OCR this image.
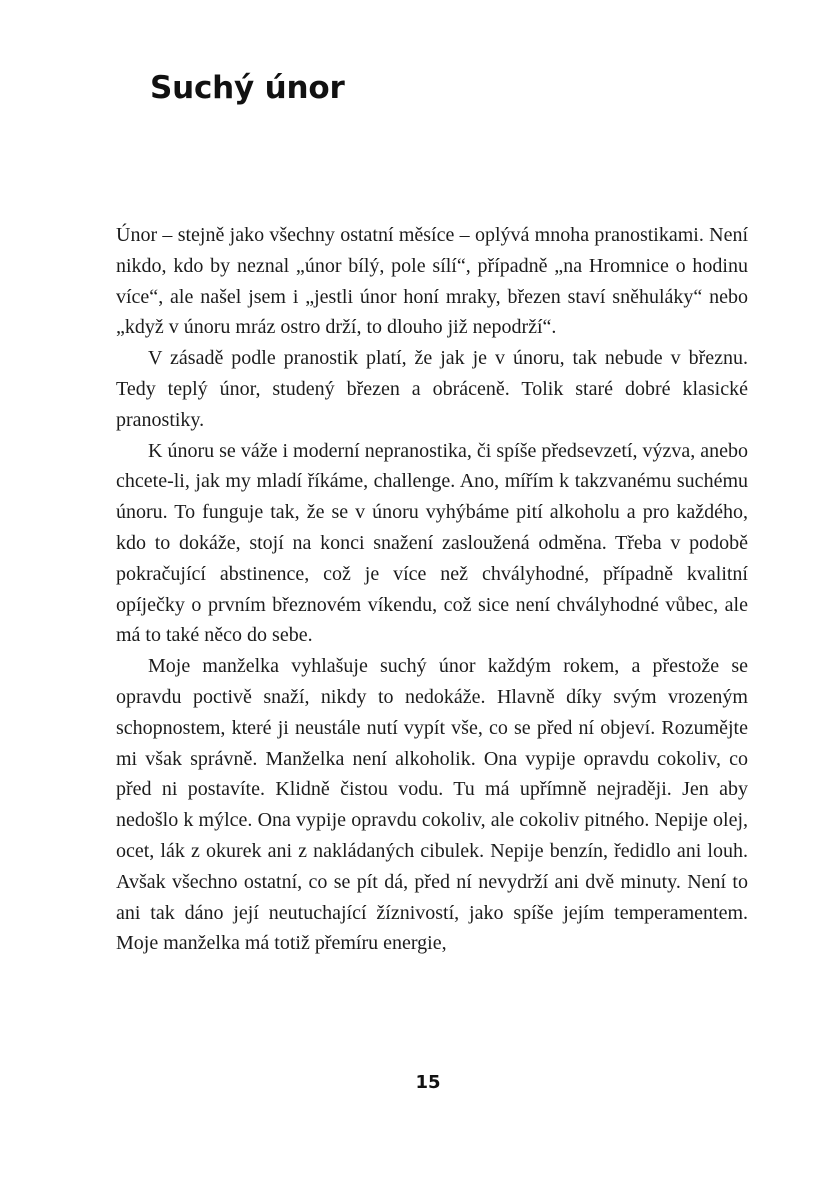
Suchý únor

Únor – stejně jako všechny ostatní měsíce – oplývá mnoha pranostikami. Není nikdo, kdo by neznal „únor bílý, pole sílí“, případně „na Hromnice o hodinu více“, ale našel jsem i „jestli únor honí mraky, březen staví sněhuláky“ nebo „když v únoru mráz ostro drží, to dlouho již nepodrží“.

V zásadě podle pranostik platí, že jak je v únoru, tak nebude v březnu. Tedy teplý únor, studený březen a obráceně. Tolik staré dobré klasické pranostiky.

K únoru se váže i moderní nepranostika, či spíše předsevzetí, výzva, anebo chcete-li, jak my mladí říkáme, challenge. Ano, mířím k takzvanému suchému únoru. To funguje tak, že se v únoru vyhýbáme pití alkoholu a pro každého, kdo to dokáže, stojí na konci snažení zasloužená odměna. Třeba v podobě pokračující abstinence, což je více než chvályhodné, případně kvalitní opíječky o prvním březnovém víkendu, což sice není chvályhodné vůbec, ale má to také něco do sebe.

Moje manželka vyhlašuje suchý únor každým rokem, a přestože se opravdu poctivě snaží, nikdy to nedokáže. Hlavně díky svým vrozeným schopnostem, které ji neustále nutí vypít vše, co se před ní objeví. Rozumějte mi však správně. Manželka není alkoholik. Ona vypije opravdu cokoliv, co před ni postavíte. Klidně čistou vodu. Tu má upřímně nejraději. Jen aby nedošlo k mýlce. Ona vypije opravdu cokoliv, ale cokoliv pitného. Nepije olej, ocet, lák z okurek ani z nakládaných cibulek. Nepije benzín, ředidlo ani louh. Avšak všechno ostatní, co se pít dá, před ní nevydrží ani dvě minuty. Není to ani tak dáno její neutuchající žíznivostí, jako spíše jejím temperamentem. Moje manželka má totiž přemíru energie,

15
